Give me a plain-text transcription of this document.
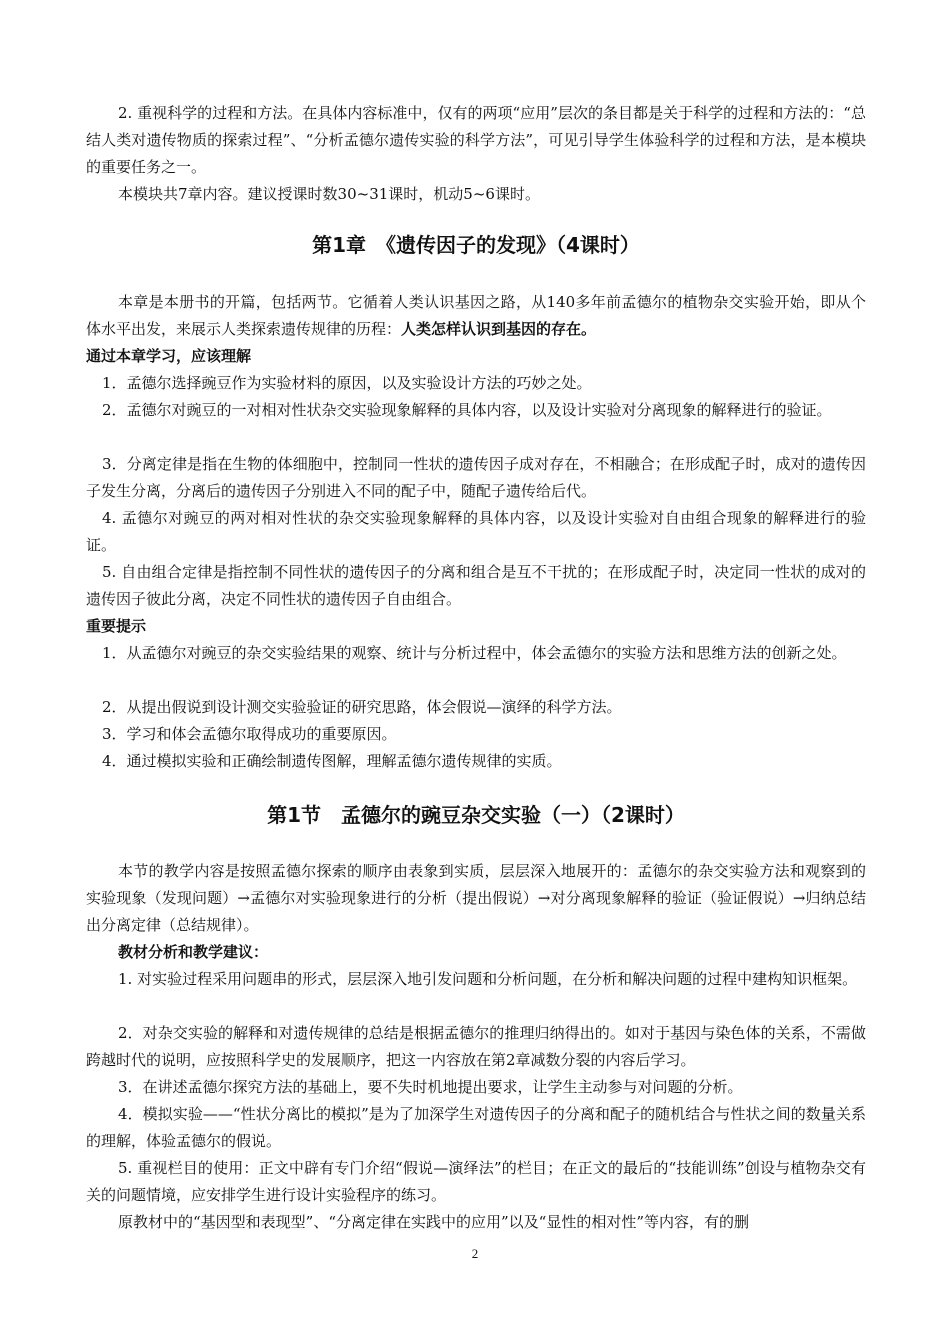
2. 重视科学的过程和方法。在具体内容标准中，仅有的两项“应用”层次的条目都是关于科学的过程和方法的：“总结人类对遗传物质的探索过程”、“分析孟德尔遗传实验的科学方法”，可见引导学生体验科学的过程和方法，是本模块的重要任务之一。

本模块共7章内容。建议授课时数30~31课时，机动5~6课时。

第1章　《遗传因子的发现》（4课时）

本章是本册书的开篇，包括两节。它循着人类认识基因之路，从140多年前孟德尔的植物杂交实验开始，即从个体水平出发，来展示人类探索遗传规律的历程：人类怎样认识到基因的存在。

通过本章学习，应该理解

1．孟德尔选择豌豆作为实验材料的原因，以及实验设计方法的巧妙之处。

2．孟德尔对豌豆的一对相对性状杂交实验现象解释的具体内容，以及设计实验对分离现象的解释进行的验证。

3．分离定律是指在生物的体细胞中，控制同一性状的遗传因子成对存在，不相融合；在形成配子时，成对的遗传因子发生分离，分离后的遗传因子分别进入不同的配子中，随配子遗传给后代。

4. 孟德尔对豌豆的两对相对性状的杂交实验现象解释的具体内容，以及设计实验对自由组合现象的解释进行的验证。

5. 自由组合定律是指控制不同性状的遗传因子的分离和组合是互不干扰的；在形成配子时，决定同一性状的成对的遗传因子彼此分离，决定不同性状的遗传因子自由组合。

重要提示

1．从孟德尔对豌豆的杂交实验结果的观察、统计与分析过程中，体会孟德尔的实验方法和思维方法的创新之处。

2．从提出假说到设计测交实验验证的研究思路，体会假说—演绎的科学方法。

3．学习和体会孟德尔取得成功的重要原因。

4．通过模拟实验和正确绘制遗传图解，理解孟德尔遗传规律的实质。

第1节　孟德尔的豌豆杂交实验（一）（2课时）

本节的教学内容是按照孟德尔探索的顺序由表象到实质，层层深入地展开的：孟德尔的杂交实验方法和观察到的实验现象（发现问题）→孟德尔对实验现象进行的分析（提出假说）→对分离现象解释的验证（验证假说）→归纳总结出分离定律（总结规律）。

教材分析和教学建议：

1. 对实验过程采用问题串的形式，层层深入地引发问题和分析问题，在分析和解决问题的过程中建构知识框架。

2．对杂交实验的解释和对遗传规律的总结是根据孟德尔的推理归纳得出的。如对于基因与染色体的关系，不需做跨越时代的说明，应按照科学史的发展顺序，把这一内容放在第2章减数分裂的内容后学习。

3．在讲述孟德尔探究方法的基础上，要不失时机地提出要求，让学生主动参与对问题的分析。

4．模拟实验——“性状分离比的模拟”是为了加深学生对遗传因子的分离和配子的随机结合与性状之间的数量关系的理解，体验孟德尔的假说。

5. 重视栏目的使用：正文中辟有专门介绍“假说—演绎法”的栏目；在正文的最后的“技能训练”创设与植物杂交有关的问题情境，应安排学生进行设计实验程序的练习。

原教材中的“基因型和表现型”、“分离定律在实践中的应用”以及“显性的相对性”等内容，有的删

2
